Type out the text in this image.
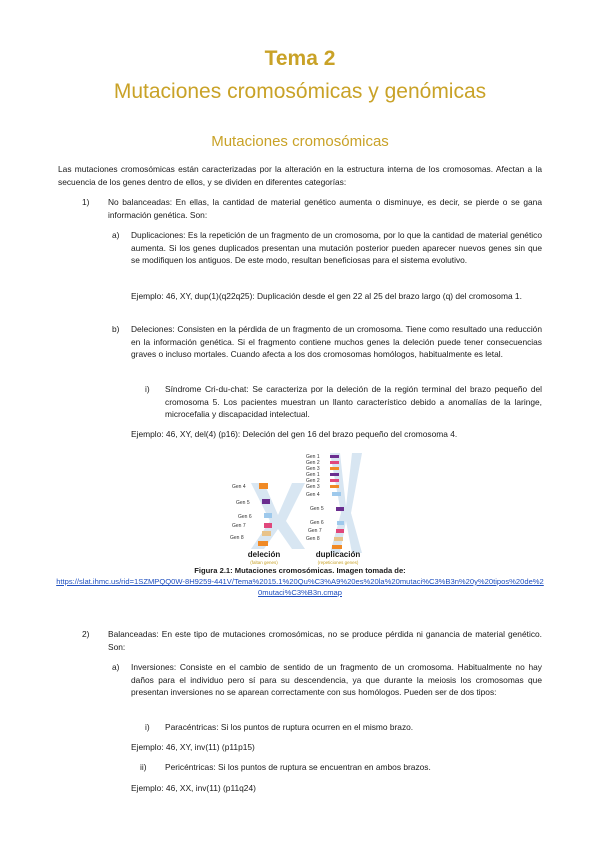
Tema 2
Mutaciones cromosómicas y genómicas
Mutaciones cromosómicas
Las mutaciones cromosómicas están caracterizadas por la alteración en la estructura interna de los cromosomas. Afectan a la secuencia de los genes dentro de ellos, y se dividen en diferentes categorías:
1) No balanceadas: En ellas, la cantidad de material genético aumenta o disminuye, es decir, se pierde o se gana información genética. Son:
a) Duplicaciones: Es la repetición de un fragmento de un cromosoma, por lo que la cantidad de material genético aumenta. Si los genes duplicados presentan una mutación posterior pueden aparecer nuevos genes sin que se modifiquen los antiguos. De este modo, resultan beneficiosas para el sistema evolutivo.
Ejemplo: 46, XY, dup(1)(q22q25): Duplicación desde el gen 22 al 25 del brazo largo (q) del cromosoma 1.
b) Deleciones: Consisten en la pérdida de un fragmento de un cromosoma. Tiene como resultado una reducción en la información genética. Si el fragmento contiene muchos genes la deleción puede tener consecuencias graves o incluso mortales. Cuando afecta a los dos cromosomas homólogos, habitualmente es letal.
i) Síndrome Cri-du-chat: Se caracteriza por la deleción de la región terminal del brazo pequeño del cromosoma 5. Los pacientes muestran un llanto característico debido a anomalías de la laringe, microcefalia y discapacidad intelectual.
Ejemplo: 46, XY, del(4) (p16): Deleción del gen 16 del brazo pequeño del cromosoma 4.
Gen 4
Gen 5
Gen 6
Gen 7
Gen 8
Gen 1
Gen 2
Gen 3
Gen 1
Gen 2
Gen 3
Gen 4
Gen 5
Gen 6
Gen 7
Gen 8
deleción
(faltan genes)
duplicación
(repeticiones genes)
Figura 2.1: Mutaciones cromosómicas. Imagen tomada de:
https://slat.ihmc.us/rid=1SZMPQQ0W-8H9259-441V/Tema%2015.1%20Qu%C3%A9%20es%20la%20mutaci%C3%B3n%20y%20tipos%20de%20mutaci%C3%B3n.cmap
2) Balanceadas: En este tipo de mutaciones cromosómicas, no se produce pérdida ni ganancia de material genético. Son:
a) Inversiones: Consiste en el cambio de sentido de un fragmento de un cromosoma. Habitualmente no hay daños para el individuo pero sí para su descendencia, ya que durante la meiosis los cromosomas que presentan inversiones no se aparean correctamente con sus homólogos. Pueden ser de dos tipos:
i) Paracéntricas: Si los puntos de ruptura ocurren en el mismo brazo.
Ejemplo: 46, XY, inv(11) (p11p15)
ii) Pericéntricas: Si los puntos de ruptura se encuentran en ambos brazos.
Ejemplo: 46, XX, inv(11) (p11q24)
